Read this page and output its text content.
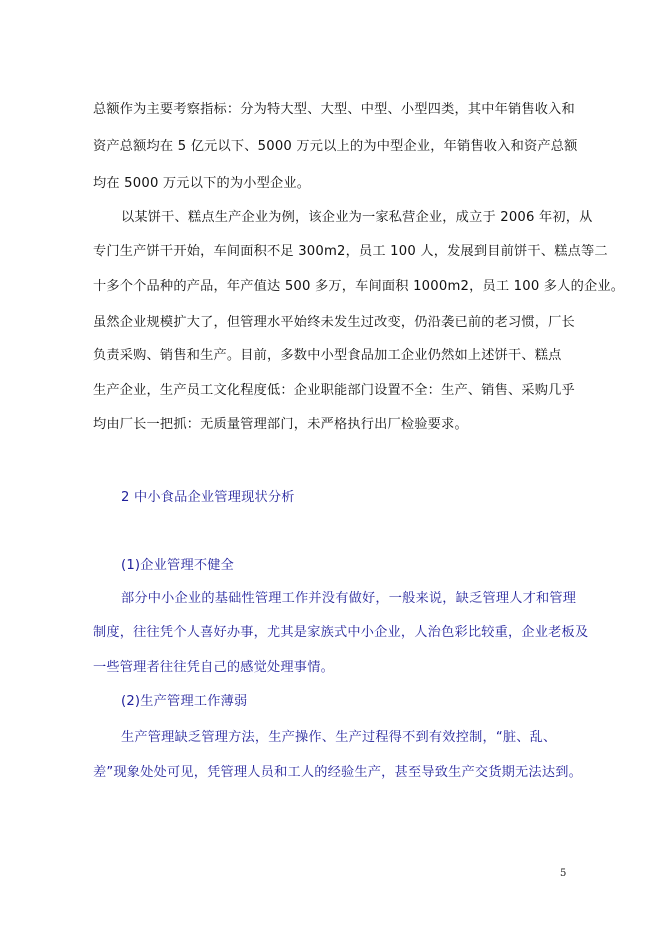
总额作为主要考察指标：分为特大型、大型、中型、小型四类，其中年销售收入和
资产总额均在 5 亿元以下、5000 万元以上的为中型企业，年销售收入和资产总额
均在 5000 万元以下的为小型企业。
以某饼干、糕点生产企业为例，该企业为一家私营企业，成立于 2006 年初，从
专门生产饼干开始，车间面积不足 300m2，员工 100 人，发展到目前饼干、糕点等二
十多个个品种的产品，年产值达 500 多万，车间面积 1000m2，员工 100 多人的企业。
虽然企业规模扩大了，但管理水平始终未发生过改变，仍沿袭已前的老习惯，厂长
负责采购、销售和生产。目前，多数中小型食品加工企业仍然如上述饼干、糕点
生产企业，生产员工文化程度低：企业职能部门设置不全：生产、销售、采购几乎
均由厂长一把抓：无质量管理部门，未严格执行出厂检验要求。
2 中小食品企业管理现状分析
(1)企业管理不健全
部分中小企业的基础性管理工作并没有做好，一般来说，缺乏管理人才和管理
制度，往往凭个人喜好办事，尤其是家族式中小企业，人治色彩比较重，企业老板及
一些管理者往往凭自己的感觉处理事情。
(2)生产管理工作薄弱
生产管理缺乏管理方法，生产操作、生产过程得不到有效控制，“脏、乱、
差”现象处处可见，凭管理人员和工人的经验生产，甚至导致生产交货期无法达到。
5
